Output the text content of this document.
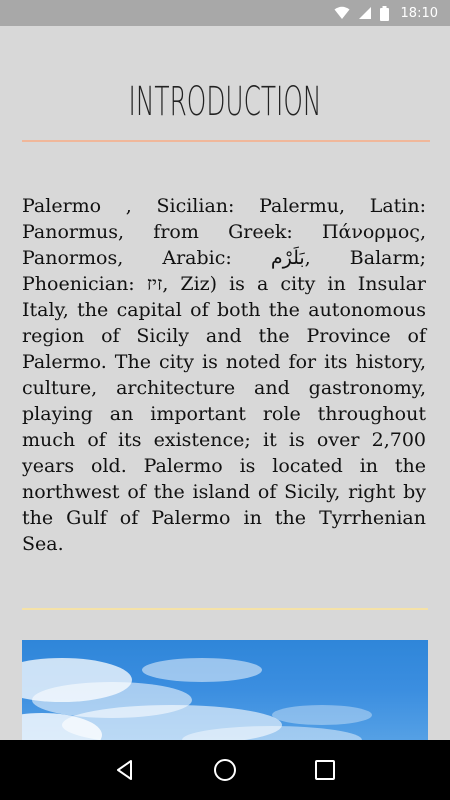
18:10
INTRODUCTION

Palermo , Sicilian: Palermu, Latin: Panormus, from Greek: Πάνορμος, Panormos, Arabic: بَلَرْم, Balarm; Phoenician: זיז, Ziz) is a city in Insular Italy, the capital of both the autonomous region of Sicily and the Province of Palermo. The city is noted for its history, culture, architecture and gastronomy, playing an important role throughout much of its existence; it is over 2,700 years old. Palermo is located in the northwest of the island of Sicily, right by the Gulf of Palermo in the Tyrrhenian Sea.
